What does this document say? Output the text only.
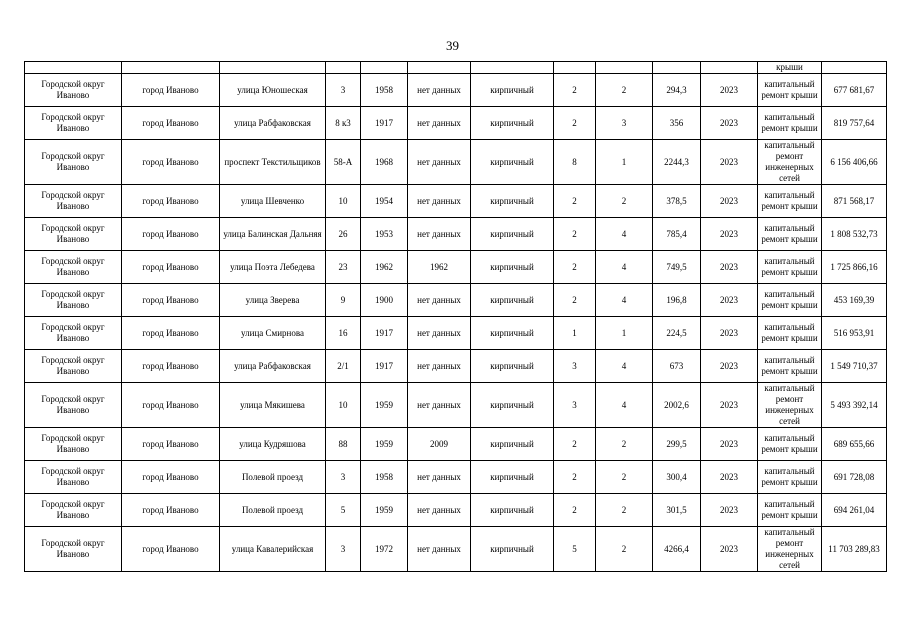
39
											крыши	
Городской округ Иваново	город Иваново	улица Юношеская	3	1958	нет данных	кирпичный	2	2	294,3	2023	капитальный ремонт крыши	677 681,67
Городской округ Иваново	город Иваново	улица Рабфаковская	8 к3	1917	нет данных	кирпичный	2	3	356	2023	капитальный ремонт крыши	819 757,64
Городской округ Иваново	город Иваново	проспект Текстильщиков	58-А	1968	нет данных	кирпичный	8	1	2244,3	2023	капитальный ремонт инженерных сетей	6 156 406,66
Городской округ Иваново	город Иваново	улица Шевченко	10	1954	нет данных	кирпичный	2	2	378,5	2023	капитальный ремонт крыши	871 568,17
Городской округ Иваново	город Иваново	улица Балинская Дальняя	26	1953	нет данных	кирпичный	2	4	785,4	2023	капитальный ремонт крыши	1 808 532,73
Городской округ Иваново	город Иваново	улица Поэта Лебедева	23	1962	1962	кирпичный	2	4	749,5	2023	капитальный ремонт крыши	1 725 866,16
Городской округ Иваново	город Иваново	улица Зверева	9	1900	нет данных	кирпичный	2	4	196,8	2023	капитальный ремонт крыши	453 169,39
Городской округ Иваново	город Иваново	улица Смирнова	16	1917	нет данных	кирпичный	1	1	224,5	2023	капитальный ремонт крыши	516 953,91
Городской округ Иваново	город Иваново	улица Рабфаковская	2/1	1917	нет данных	кирпичный	3	4	673	2023	капитальный ремонт крыши	1 549 710,37
Городской округ Иваново	город Иваново	улица Мякишева	10	1959	нет данных	кирпичный	3	4	2002,6	2023	капитальный ремонт инженерных сетей	5 493 392,14
Городской округ Иваново	город Иваново	улица Кудряшова	88	1959	2009	кирпичный	2	2	299,5	2023	капитальный ремонт крыши	689 655,66
Городской округ Иваново	город Иваново	Полевой проезд	3	1958	нет данных	кирпичный	2	2	300,4	2023	капитальный ремонт крыши	691 728,08
Городской округ Иваново	город Иваново	Полевой проезд	5	1959	нет данных	кирпичный	2	2	301,5	2023	капитальный ремонт крыши	694 261,04
Городской округ Иваново	город Иваново	улица Кавалерийская	3	1972	нет данных	кирпичный	5	2	4266,4	2023	капитальный ремонт инженерных сетей	11 703 289,83
